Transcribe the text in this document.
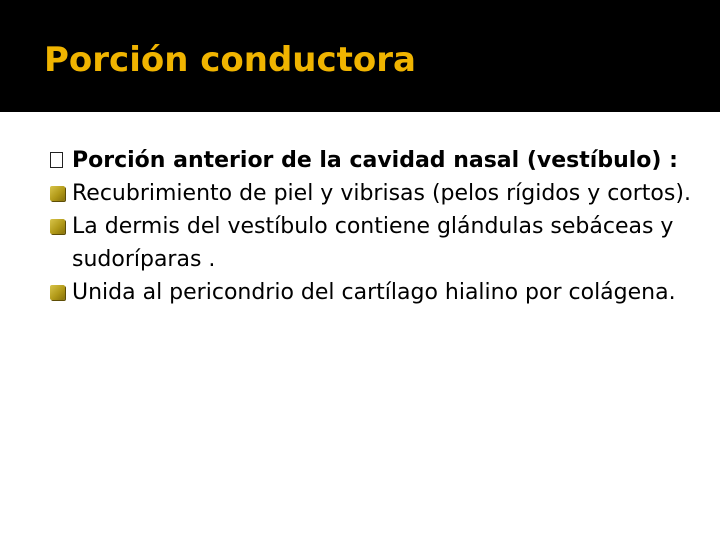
Porción conductora
Porción anterior de la cavidad nasal (vestíbulo) :
Recubrimiento de piel y vibrisas (pelos rígidos y cortos).
La dermis del vestíbulo contiene glándulas sebáceas y sudoríparas .
Unida al pericondrio del cartílago hialino por colágena.
